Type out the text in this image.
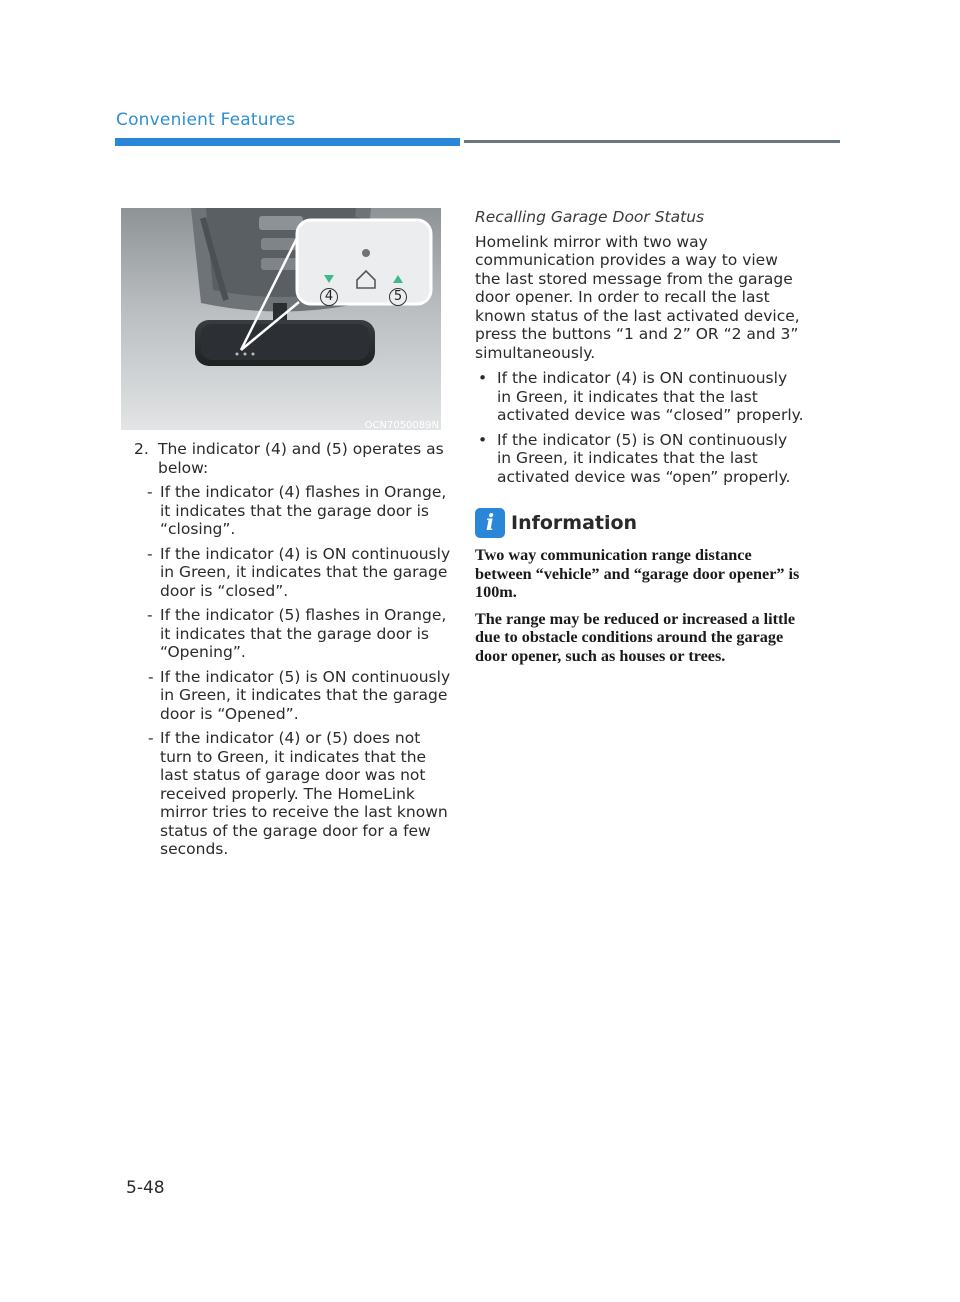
Convenient Features
4	5
OCN7050089N
2. The indicator (4) and (5) operates as below:
- If the indicator (4) flashes in Orange, it indicates that the garage door is “closing”.
- If the indicator (4) is ON continuously in Green, it indicates that the garage door is “closed”.
- If the indicator (5) flashes in Orange, it indicates that the garage door is “Opening”.
- If the indicator (5) is ON continuously in Green, it indicates that the garage door is “Opened”.
- If the indicator (4) or (5) does not turn to Green, it indicates that the last status of garage door was not received properly. The HomeLink mirror tries to receive the last known status of the garage door for a few seconds.
Recalling Garage Door Status
Homelink mirror with two way communication provides a way to view the last stored message from the garage door opener. In order to recall the last known status of the last activated device, press the buttons “1 and 2” OR “2 and 3” simultaneously.
• If the indicator (4) is ON continuously in Green, it indicates that the last activated device was “closed” properly.
• If the indicator (5) is ON continuously in Green, it indicates that the last activated device was “open” properly.
i Information
Two way communication range distance between “vehicle” and “garage door opener” is 100m.
The range may be reduced or increased a little due to obstacle conditions around the garage door opener, such as houses or trees.
5-48
